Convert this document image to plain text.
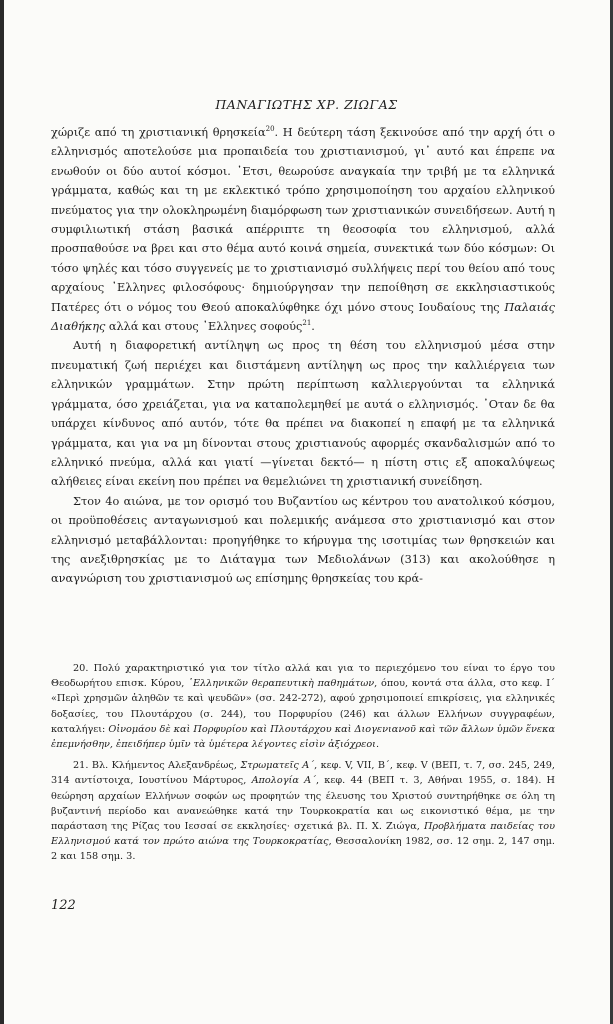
ΠΑΝΑΓΙΩΤΗΣ ΧΡ. ΖΙΩΓΑΣ

χώριζε από τη χριστιανική θρησκεία$^{20}$. Η δεύτερη τάση ξεκινούσε από την αρχή ότι ο ελληνισμός αποτελούσε μια προπαιδεία του χριστιανισμού, γι᾿ αυτό και έπρεπε να ενωθούν οι δύο αυτοί κόσμοι. ᾿Ετσι, θεωρούσε αναγκαία την τριβή με τα ελληνικά γράμματα, καθώς και τη με εκλεκτικό τρόπο χρησιμοποίηση του αρχαίου ελληνικού πνεύματος για την ολοκληρωμένη διαμόρφωση των χριστιανικών συνειδήσεων. Αυτή η συμφιλιωτική στάση βασικά απέρριπτε τη θεοσοφία του ελληνισμού, αλλά προσπαθούσε να βρει και στο θέμα αυτό κοινά σημεία, συνεκτικά των δύο κόσμων: Οι τόσο ψηλές και τόσο συγγενείς με το χριστιανισμό συλλήψεις περί του θείου από τους αρχαίους ᾿Ελληνες φιλοσόφους· δημιούργησαν την πεποίθηση σε εκκλησιαστικούς Πατέρες ότι ο νόμος του Θεού αποκαλύφθηκε όχι μόνο στους Ιουδαίους της Παλαιάς Διαθήκης αλλά και στους ᾿Ελληνες σοφούς$^{21}$.

Αυτή η διαφορετική αντίληψη ως προς τη θέση του ελληνισμού μέσα στην πνευματική ζωή περιέχει και διιστάμενη αντίληψη ως προς την καλλιέργεια των ελληνικών γραμμάτων. Στην πρώτη περίπτωση καλλιεργούνται τα ελληνικά γράμματα, όσο χρειάζεται, για να καταπολεμηθεί με αυτά ο ελληνισμός. ᾿Οταν δε θα υπάρχει κίνδυνος από αυτόν, τότε θα πρέπει να διακοπεί η επαφή με τα ελληνικά γράμματα, και για να μη δίνονται στους χριστιανούς αφορμές σκανδαλισμών από το ελληνικό πνεύμα, αλλά και γιατί —γίνεται δεκτό— η πίστη στις εξ αποκαλύψεως αλήθειες είναι εκείνη που πρέπει να θεμελιώνει τη χριστιανική συνείδηση.

Στον 4ο αιώνα, με τον ορισμό του Βυζαντίου ως κέντρου του ανατολικού κόσμου, οι προϋποθέσεις ανταγωνισμού και πολεμικής ανάμεσα στο χριστιανισμό και στον ελληνισμό μεταβάλλονται: προηγήθηκε το κήρυγμα της ισοτιμίας των θρησκειών και της ανεξιθρησκίας με το Διάταγμα των Μεδιολάνων (313) και ακολούθησε η αναγνώριση του χριστιανισμού ως επίσημης θρησκείας του κρά-

20. Πολύ χαρακτηριστικό για τον τίτλο αλλά και για το περιεχόμενο του είναι το έργο του Θεοδωρήτου επισκ. Κύρου, ῾Ελληνικῶν θεραπευτικὴ παθημάτων, όπου, κοντά στα άλλα, στο κεφ. Ι΄ «Περὶ χρησμῶν ἀληθῶν τε καὶ ψευδῶν» (σσ. 242-272), αφού χρησιμοποιεί επικρίσεις, για ελληνικές δοξασίες, του Πλουτάρχου (σ. 244), του Πορφυρίου (246) και άλλων Ελλήνων συγγραφέων, καταλήγει: Οἰνομάου δὲ καὶ Πορφυρίου καὶ Πλουτάρχου καὶ Διογενιανοῦ καὶ τῶν ἄλλων ὑμῶν ἕνεκα ἐπεμνήσθην, ἐπειδήπερ ὑμῖν τὰ ὑμέτερα λέγοντες εἰσὶν ἀξιόχρεοι.

21. Βλ. Κλήμεντος Αλεξανδρέως, Στρωματεῖς Α΄, κεφ. V, VII, Β΄, κεφ. V (ΒΕΠ, τ. 7, σσ. 245, 249, 314 αντίστοιχα, Ιουστίνου Μάρτυρος, Απολογία Α΄, κεφ. 44 (ΒΕΠ τ. 3, Αθήναι 1955, σ. 184). Η θεώρηση αρχαίων Ελλήνων σοφών ως προφητών της έλευσης του Χριστού συντηρήθηκε σε όλη τη βυζαντινή περίοδο και ανανεώθηκε κατά την Τουρκοκρατία και ως εικονιστικό θέμα, με την παράσταση της Ρίζας του Ιεσσαί σε εκκλησίες· σχετικά βλ. Π. Χ. Ζιώγα, Προβλήματα παιδείας του Ελληνισμού κατά τον πρώτο αιώνα της Τουρκοκρατίας, Θεσσαλονίκη 1982, σσ. 12 σημ. 2, 147 σημ. 2 και 158 σημ. 3.

122
